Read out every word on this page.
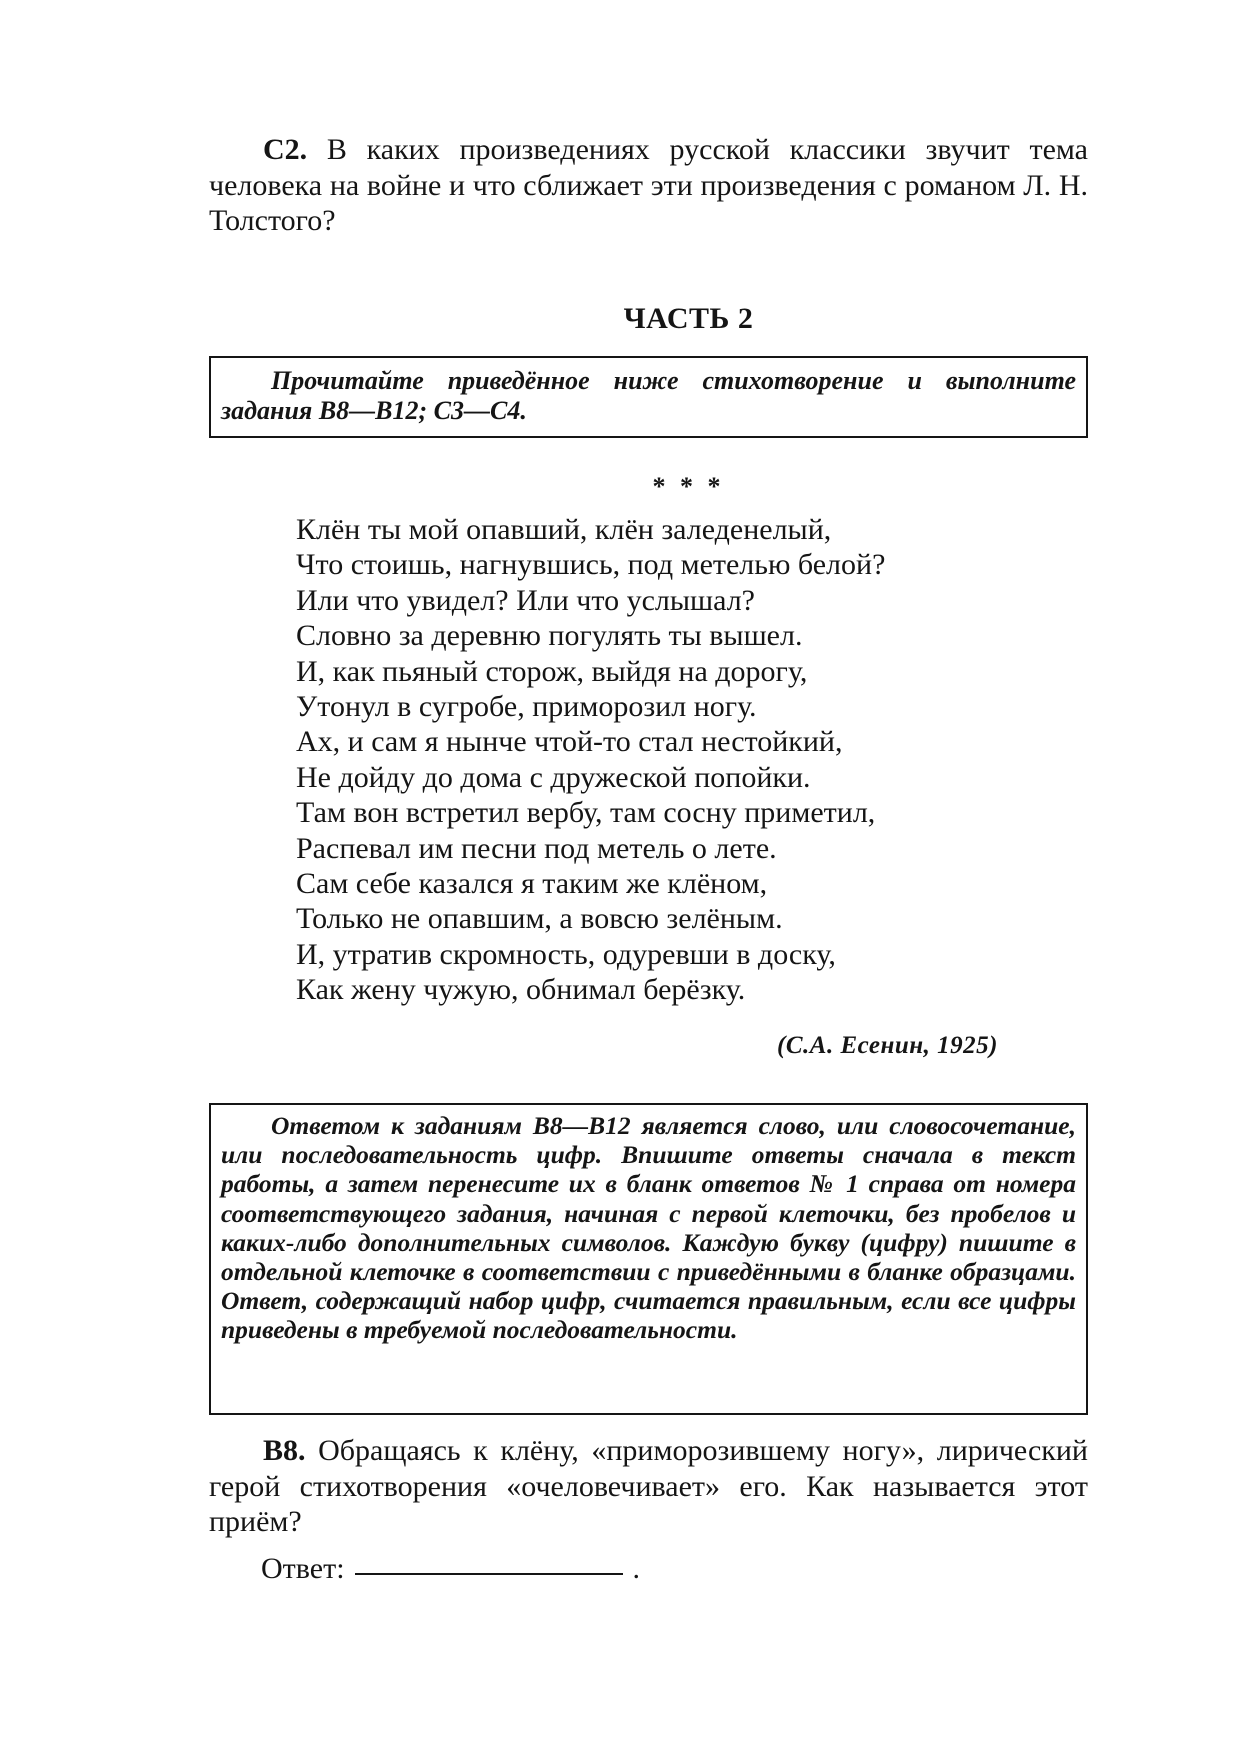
С2. В каких произведениях русской классики звучит тема человека на войне и что сближает эти произведения с романом Л. Н. Толстого?

ЧАСТЬ 2
Прочитайте приведённое ниже стихотворение и выполните задания В8—В12; С3—С4.
* * *
Клён ты мой опавший, клён заледенелый,
Что стоишь, нагнувшись, под метелью белой?
Или что увидел? Или что услышал?
Словно за деревню погулять ты вышел.
И, как пьяный сторож, выйдя на дорогу,
Утонул в сугробе, приморозил ногу.
Ах, и сам я нынче чтой-то стал нестойкий,
Не дойду до дома с дружеской попойки.
Там вон встретил вербу, там сосну приметил,
Распевал им песни под метель о лете.
Сам себе казался я таким же клёном,
Только не опавшим, а вовсю зелёным.
И, утратив скромность, одуревши в доску,
Как жену чужую, обнимал берёзку.
(С.А. Есенин, 1925)
Ответом к заданиям В8—В12 является слово, или словосочетание, или последовательность цифр. Впишите ответы сначала в текст работы, а затем перенесите их в бланк ответов № 1 справа от номера соответствующего задания, начиная с первой клеточки, без пробелов и каких-либо дополнительных символов. Каждую букву (цифру) пишите в отдельной клеточке в соответствии с приведёнными в бланке образцами. Ответ, содержащий набор цифр, считается правильным, если все цифры приведены в требуемой последовательности.

В8. Обращаясь к клёну, «приморозившему ногу», лирический герой стихотворения «очеловечивает» его. Как называется этот приём?

Ответ:	.
